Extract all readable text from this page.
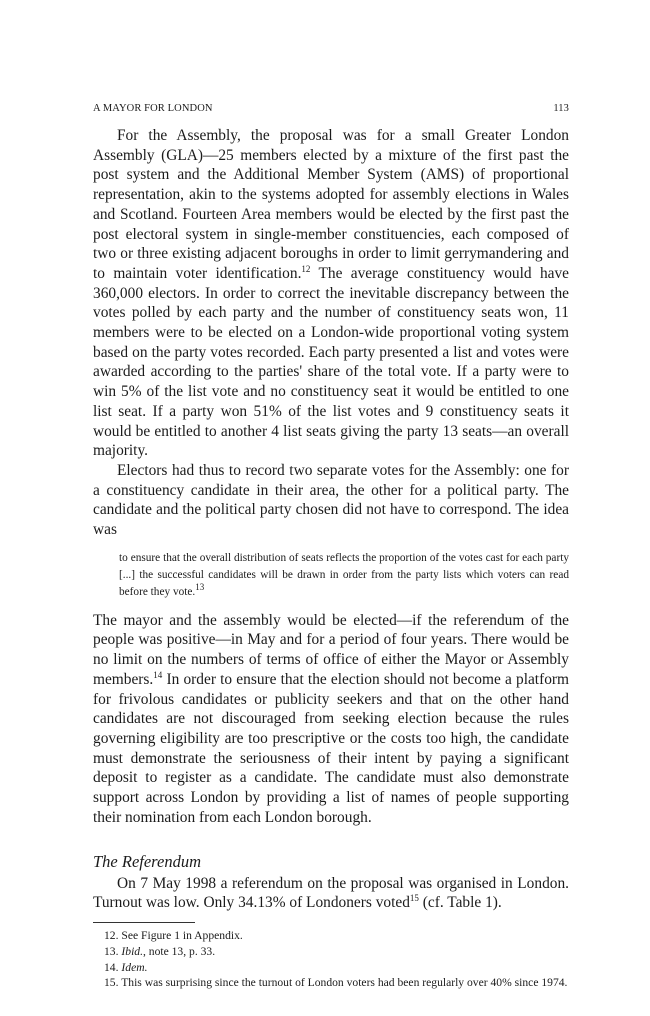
A MAYOR FOR LONDON	113

For the Assembly, the proposal was for a small Greater London Assembly (GLA)—25 members elected by a mixture of the first past the post system and the Additional Member System (AMS) of proportional representation, akin to the systems adopted for assembly elections in Wales and Scotland. Fourteen Area members would be elected by the first past the post electoral system in single-member constituencies, each composed of two or three existing adjacent boroughs in order to limit gerrymandering and to maintain voter identification.$^{12}$ The average constituency would have 360,000 electors. In order to correct the inevitable discrepancy between the votes polled by each party and the number of constituency seats won, 11 members were to be elected on a London-wide proportional voting system based on the party votes recorded. Each party presented a list and votes were awarded according to the parties' share of the total vote. If a party were to win 5% of the list vote and no constituency seat it would be entitled to one list seat. If a party won 51% of the list votes and 9 constituency seats it would be entitled to another 4 list seats giving the party 13 seats—an overall majority.

Electors had thus to record two separate votes for the Assembly: one for a constituency candidate in their area, the other for a political party. The candidate and the political party chosen did not have to correspond. The idea was

to ensure that the overall distribution of seats reflects the proportion of the votes cast for each party [...] the successful candidates will be drawn in order from the party lists which voters can read before they vote.$^{13}$

The mayor and the assembly would be elected—if the referendum of the people was positive—in May and for a period of four years. There would be no limit on the numbers of terms of office of either the Mayor or Assembly members.$^{14}$ In order to ensure that the election should not become a platform for frivolous candidates or publicity seekers and that on the other hand candidates are not discouraged from seeking election because the rules governing eligibility are too prescriptive or the costs too high, the candidate must demonstrate the seriousness of their intent by paying a significant deposit to register as a candidate. The candidate must also demonstrate support across London by providing a list of names of people supporting their nomination from each London borough.

The Referendum

On 7 May 1998 a referendum on the proposal was organised in London. Turnout was low. Only 34.13% of Londoners voted$^{15}$ (cf. Table 1).

12. See Figure 1 in Appendix.

13. Ibid., note 13, p. 33.

14. Idem.

15. This was surprising since the turnout of London voters had been regularly over 40% since 1974.
